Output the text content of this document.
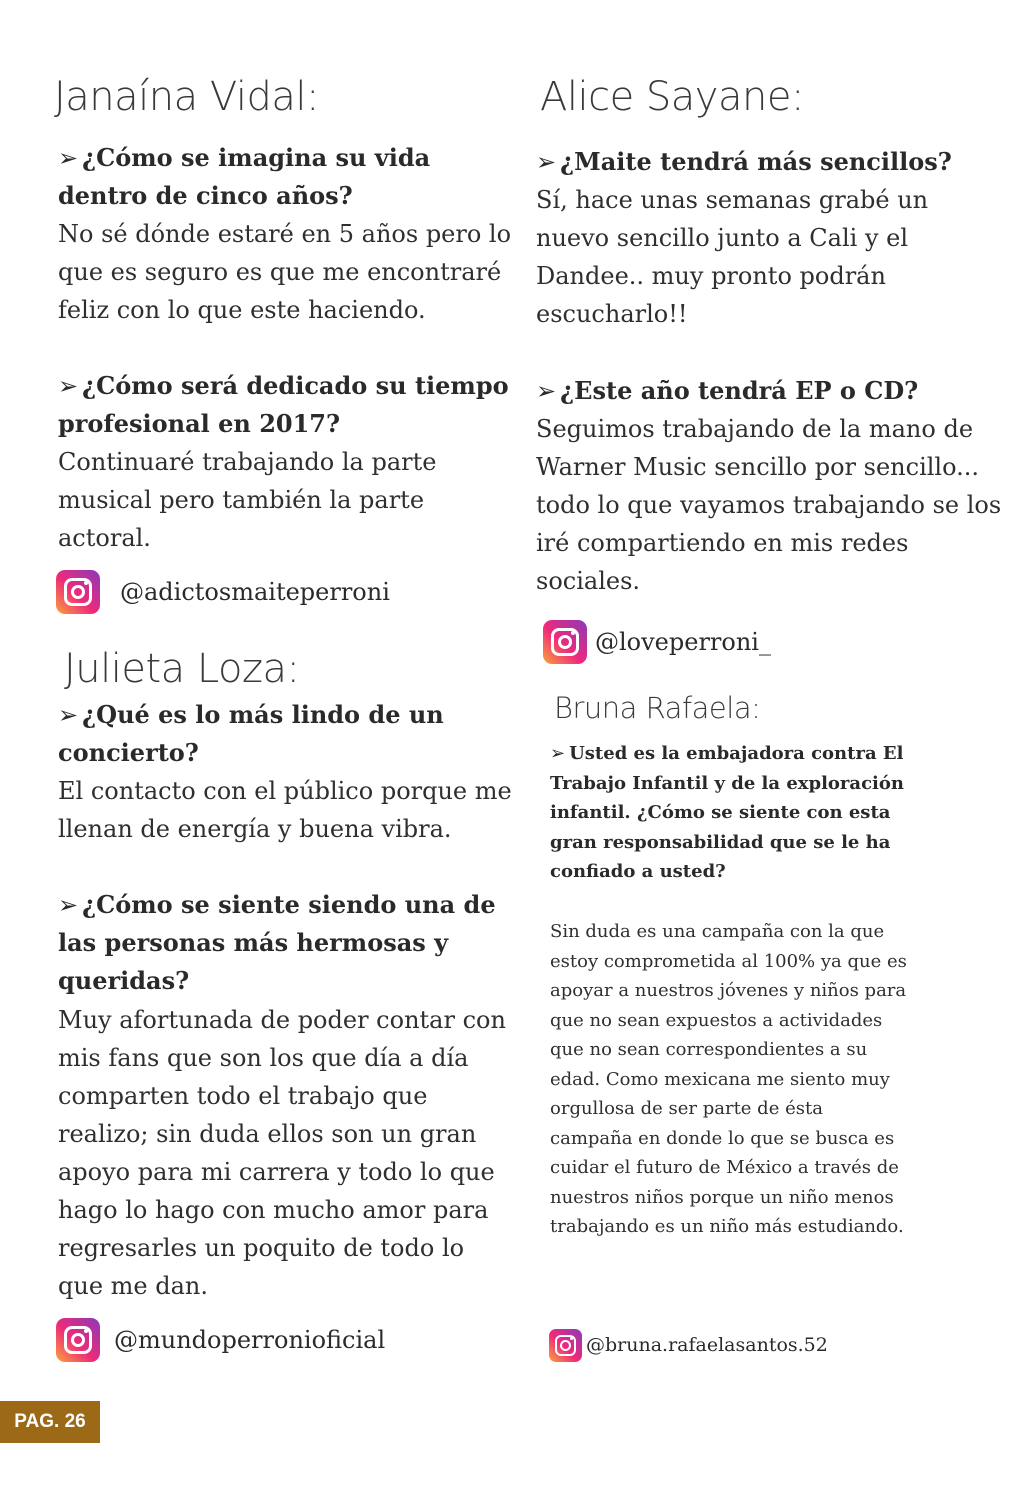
Janaína Vidal:
➢ ¿Cómo se imagina su vida dentro de cinco años?
No sé dónde estaré en 5 años pero lo que es seguro es que me encontraré feliz con lo que este haciendo.
➢ ¿Cómo será dedicado su tiempo profesional en 2017?
Continuaré trabajando la parte musical pero también la parte actoral.
@adictosmaiteperroni
Julieta Loza:
➢ ¿Qué es lo más lindo de un concierto?
El contacto con el público porque me llenan de energía y buena vibra.
➢ ¿Cómo se siente siendo una de las personas más hermosas y queridas?
Muy afortunada de poder contar con mis fans que son los que día a día comparten todo el trabajo que realizo; sin duda ellos son un gran apoyo para mi carrera y todo lo que hago lo hago con mucho amor para regresarles un poquito de todo lo que me dan.
@mundoperronioficial
Alice Sayane:
➢ ¿Maite tendrá más sencillos?
Sí, hace unas semanas grabé un nuevo sencillo junto a Cali y el Dandee.. muy pronto podrán escucharlo!!
➢ ¿Este año tendrá EP o CD?
Seguimos trabajando de la mano de Warner Music sencillo por sencillo... todo lo que vayamos trabajando se los iré compartiendo en mis redes sociales.
@loveperroni_
Bruna Rafaela:
➢ Usted es la embajadora contra El Trabajo Infantil y de la exploración infantil. ¿Cómo se siente con esta gran responsabilidad que se le ha confiado a usted?
Sin duda es una campaña con la que estoy comprometida al 100% ya que es apoyar a nuestros jóvenes y niños para que no sean expuestos a actividades que no sean correspondientes a su edad. Como mexicana me siento muy orgullosa de ser parte de ésta campaña en donde lo que se busca es cuidar el futuro de México a través de nuestros niños porque un niño menos trabajando es un niño más estudiando.
@bruna.rafaelasantos.52
PAG. 26
